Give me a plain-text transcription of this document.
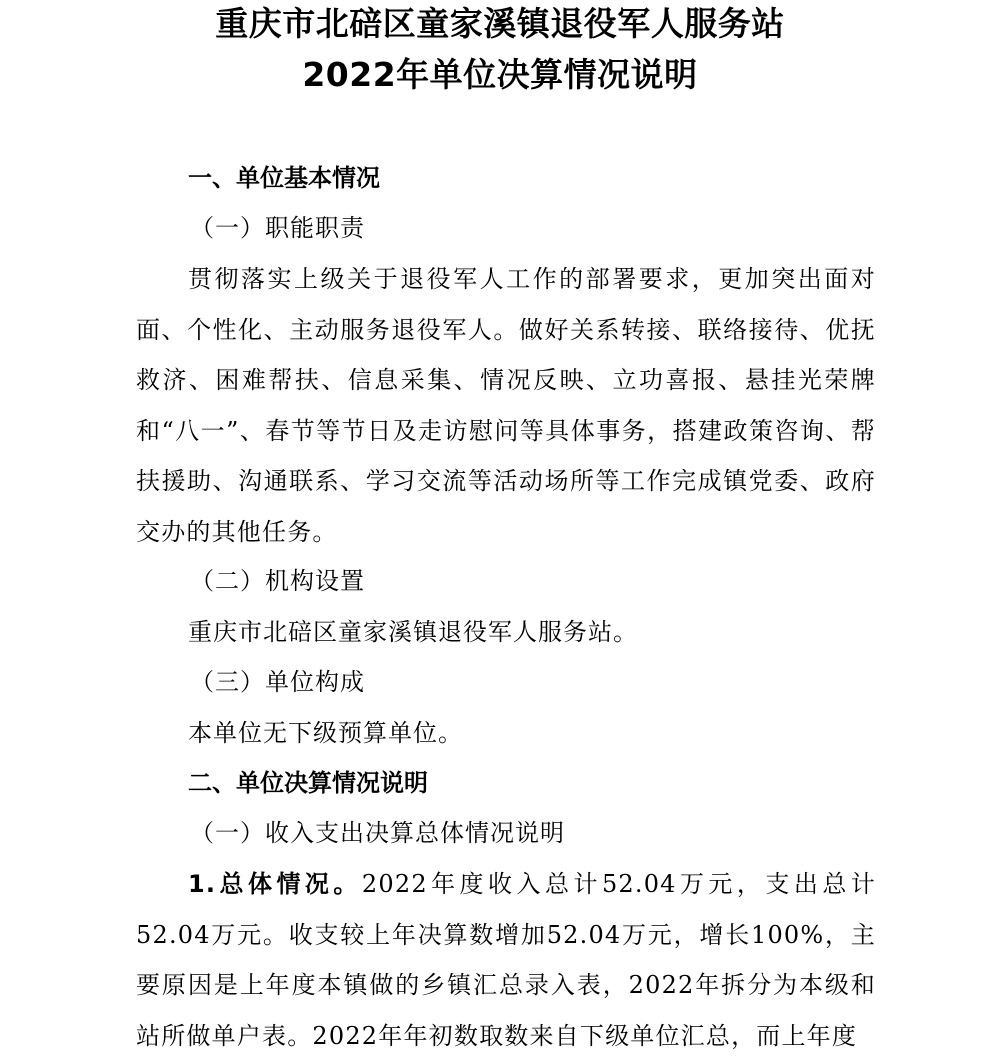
重庆市北碚区童家溪镇退役军人服务站
2022年单位决算情况说明
一、单位基本情况
（一）职能职责
贯彻落实上级关于退役军人工作的部署要求，更加突出面对面、个性化、主动服务退役军人。做好关系转接、联络接待、优抚救济、困难帮扶、信息采集、情况反映、立功喜报、悬挂光荣牌和“八一”、春节等节日及走访慰问等具体事务，搭建政策咨询、帮扶援助、沟通联系、学习交流等活动场所等工作完成镇党委、政府交办的其他任务。
（二）机构设置
重庆市北碚区童家溪镇退役军人服务站。
（三）单位构成
本单位无下级预算单位。
二、单位决算情况说明
（一）收入支出决算总体情况说明
1.总体情况。2022年度收入总计52.04万元，支出总计52.04万元。收支较上年决算数增加52.04万元，增长100%，主要原因是上年度本镇做的乡镇汇总录入表，2022年拆分为本级和站所做单户表。2022年年初数取数来自下级单位汇总，而上年度
